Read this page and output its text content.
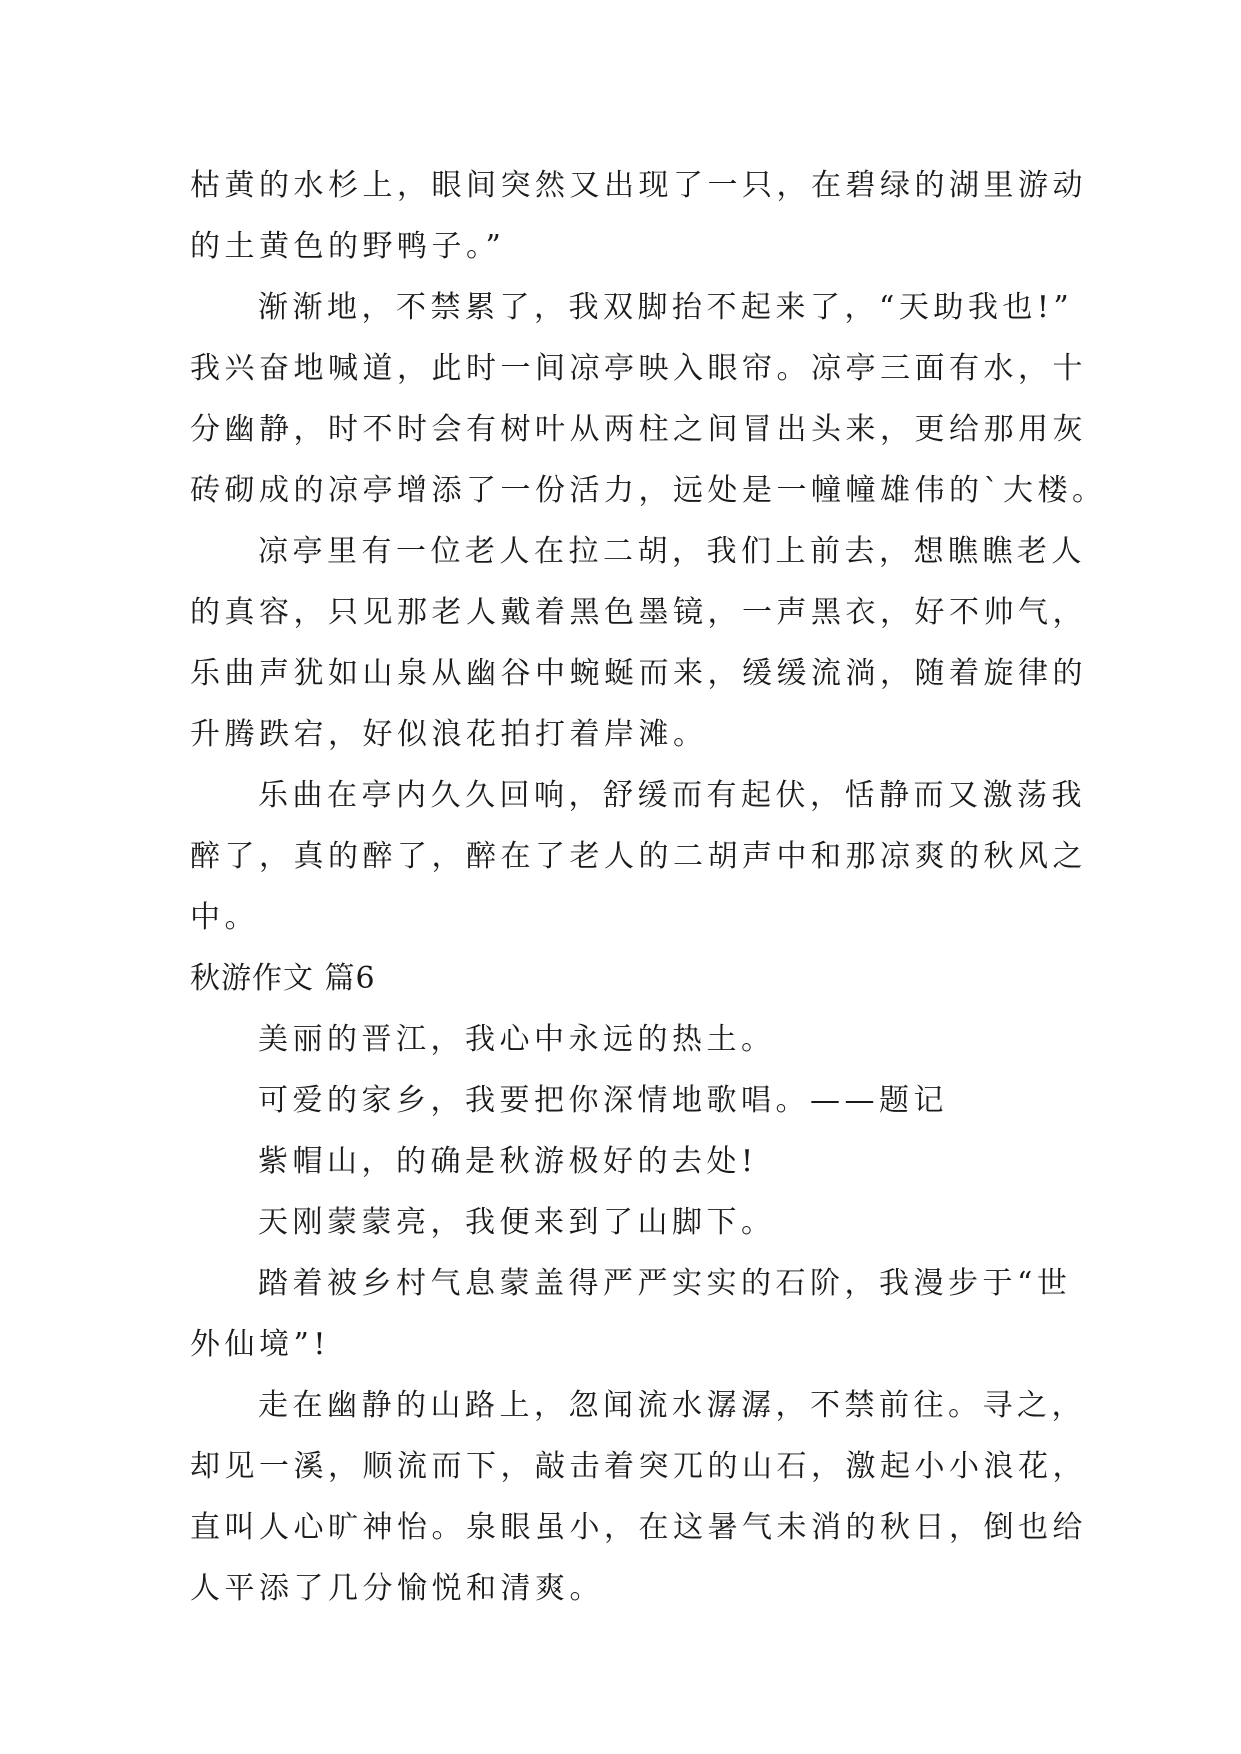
枯黄的水杉上，眼间突然又出现了一只，在碧绿的湖里游动
的土黄色的野鸭子。”
渐渐地，不禁累了，我双脚抬不起来了，“天助我也!”
我兴奋地喊道，此时一间凉亭映入眼帘。凉亭三面有水，十
分幽静，时不时会有树叶从两柱之间冒出头来，更给那用灰
砖砌成的凉亭增添了一份活力，远处是一幢幢雄伟的`大楼。
凉亭里有一位老人在拉二胡，我们上前去，想瞧瞧老人
的真容，只见那老人戴着黑色墨镜，一声黑衣，好不帅气，
乐曲声犹如山泉从幽谷中蜿蜒而来，缓缓流淌，随着旋律的
升腾跌宕，好似浪花拍打着岸滩。
乐曲在亭内久久回响，舒缓而有起伏，恬静而又激荡我
醉了，真的醉了，醉在了老人的二胡声中和那凉爽的秋风之
中。
秋游作文 篇6
美丽的晋江，我心中永远的热土。
可爱的家乡，我要把你深情地歌唱。——题记
紫帽山，的确是秋游极好的去处!
天刚蒙蒙亮，我便来到了山脚下。
踏着被乡村气息蒙盖得严严实实的石阶，我漫步于“世
外仙境”!
走在幽静的山路上，忽闻流水潺潺，不禁前往。寻之，
却见一溪，顺流而下，敲击着突兀的山石，激起小小浪花，
直叫人心旷神怡。泉眼虽小，在这暑气未消的秋日，倒也给
人平添了几分愉悦和清爽。
